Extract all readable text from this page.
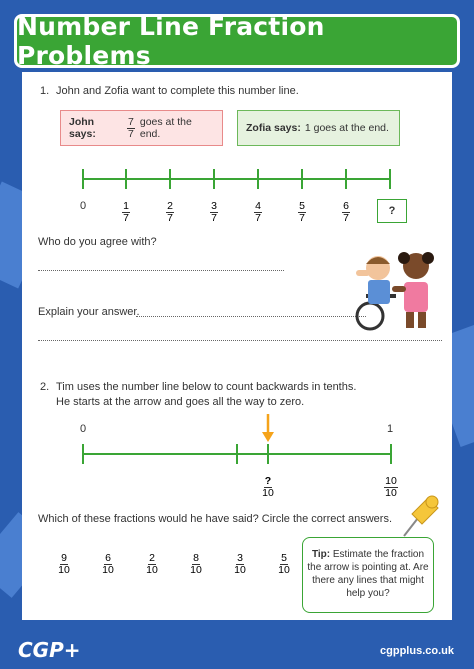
Number Line Fraction Problems
1. John and Zofia want to complete this number line.
John says:	$\frac{7}{7}$ goes at the end.	Zofia says: 1 goes at the end.
0	$\frac{1}{7}$	$\frac{2}{7}$	$\frac{3}{7}$	$\frac{4}{7}$	$\frac{5}{7}$	$\frac{6}{7}$	?
Who do you agree with?
Explain your answer.
2. Tim uses the number line below to count backwards in tenths.
He starts at the arrow and goes all the way to zero.
0	1
$\frac{?}{10}$	$\frac{10}{10}$
Which of these fractions would he have said? Circle the correct answers.
$\frac{9}{10}$	$\frac{6}{10}$	$\frac{2}{10}$	$\frac{8}{10}$	$\frac{3}{10}$	$\frac{5}{10}$	Tip: Estimate the fraction the arrow is pointing at. Are there any lines that might help you?
CGP+	cgpplus.co.uk
